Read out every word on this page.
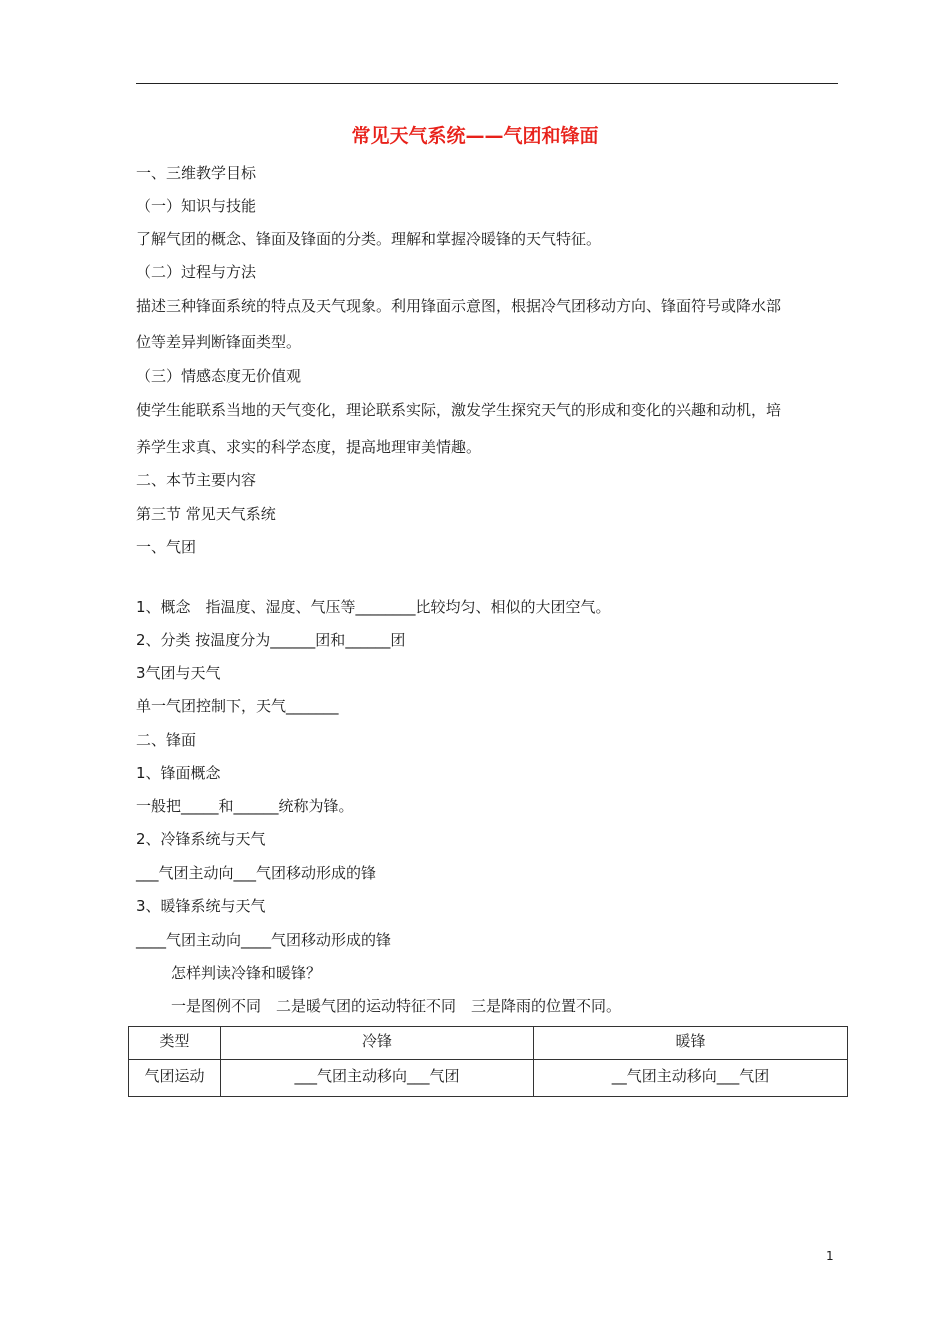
常见天气系统——气团和锋面
一、三维教学目标
（一）知识与技能
了解气团的概念、锋面及锋面的分类。理解和掌握冷暖锋的天气特征。
（二）过程与方法
描述三种锋面系统的特点及天气现象。利用锋面示意图，根据冷气团移动方向、锋面符号或降水部
位等差异判断锋面类型。
（三）情感态度无价值观
使学生能联系当地的天气变化，理论联系实际，激发学生探究天气的形成和变化的兴趣和动机，培
养学生求真、求实的科学态度，提高地理审美情趣。
二、本节主要内容
第三节 常见天气系统
一、气团
1、概念　指温度、湿度、气压等________比较均匀、相似的大团空气。
2、分类 按温度分为______团和______团
3气团与天气
单一气团控制下，天气_______
二、锋面
1、锋面概念
一般把_____和______统称为锋。
2、冷锋系统与天气
___气团主动向___气团移动形成的锋
3、暖锋系统与天气
____气团主动向____气团移动形成的锋
怎样判读冷锋和暖锋？
一是图例不同　二是暖气团的运动特征不同　三是降雨的位置不同。
类型	冷锋	暖锋
气团运动	___气团主动移向___气团	__气团主动移向___气团
1
